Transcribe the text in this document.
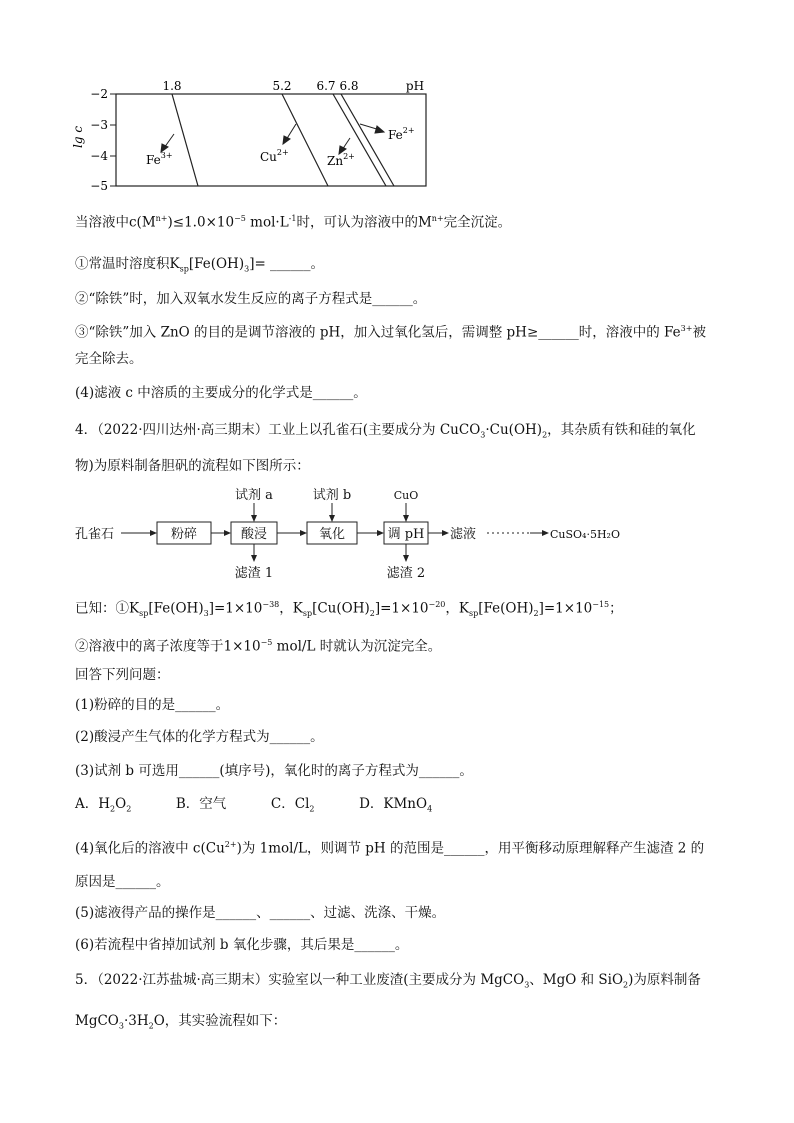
−2
−3
−4
−5
lg c
1.8	5.2 6.7 6.8	pH
$Fe^{3+}$	$Cu^{2+}$
$Zn^{2+}$
$Fe^{2+}$
当溶液中$c(M^{n+})\le 1.0\times 10^{-5}$ $mol\cdot L^{-1}$时，可认为溶液中的$M^{n+}$完全沉淀。
①常温时溶度积$K_{sp}[Fe(OH)_3]=$ ______。
②“除铁”时，加入双氧水发生反应的离子方程式是______。
③“除铁”加入 ZnO 的目的是调节溶液的 pH，加入过氧化氢后，需调整 pH≥______时，溶液中的 $Fe^{3+}$被
完全除去。
(4)滤液 c 中溶质的主要成分的化学式是______。
4．（2022·四川达州·高三期末）工业上以孔雀石(主要成分为 $CuCO_3\cdot Cu(OH)_2$，其杂质有铁和硅的氧化
物)为原料制备胆矾的流程如下图所示：
孔雀石	粉碎	酸浸	氧化	调 pH 滤液	CuSO₄·5H₂O
试剂 a	试剂 b	CuO
滤渣 1	滤渣 2
已知：$①K_{sp}[Fe(OH)_3]=1\times 10^{-38}$，$K_{sp}[Cu(OH)_2]=1\times 10^{-20}$，$K_{sp}[Fe(OH)_2]=1\times 10^{-15}$；
②溶液中的离子浓度等于$1\times 10^{-5}$ mol/L 时就认为沉淀完全。
回答下列问题：
(1)粉碎的目的是______。
(2)酸浸产生气体的化学方程式为______。
(3)试剂 b 可选用______(填序号)，氧化时的离子方程式为______。
A．$H_2O_2$	B．空气	C．$Cl_2$	D．KMnO$_4$
(4)氧化后的溶液中 $c(Cu^{2+})$为 1mol/L，则调节 pH 的范围是______，用平衡移动原理解释产生滤渣 2 的
原因是______。
(5)滤液得产品的操作是______、______、过滤、洗涤、干燥。
(6)若流程中省掉加试剂 b 氧化步骤，其后果是______。
5．（2022·江苏盐城·高三期末）实验室以一种工业废渣(主要成分为 MgCO$_3$、MgO 和 SiO$_2$)为原料制备
$MgCO_3\cdot 3H_2O$，其实验流程如下：
